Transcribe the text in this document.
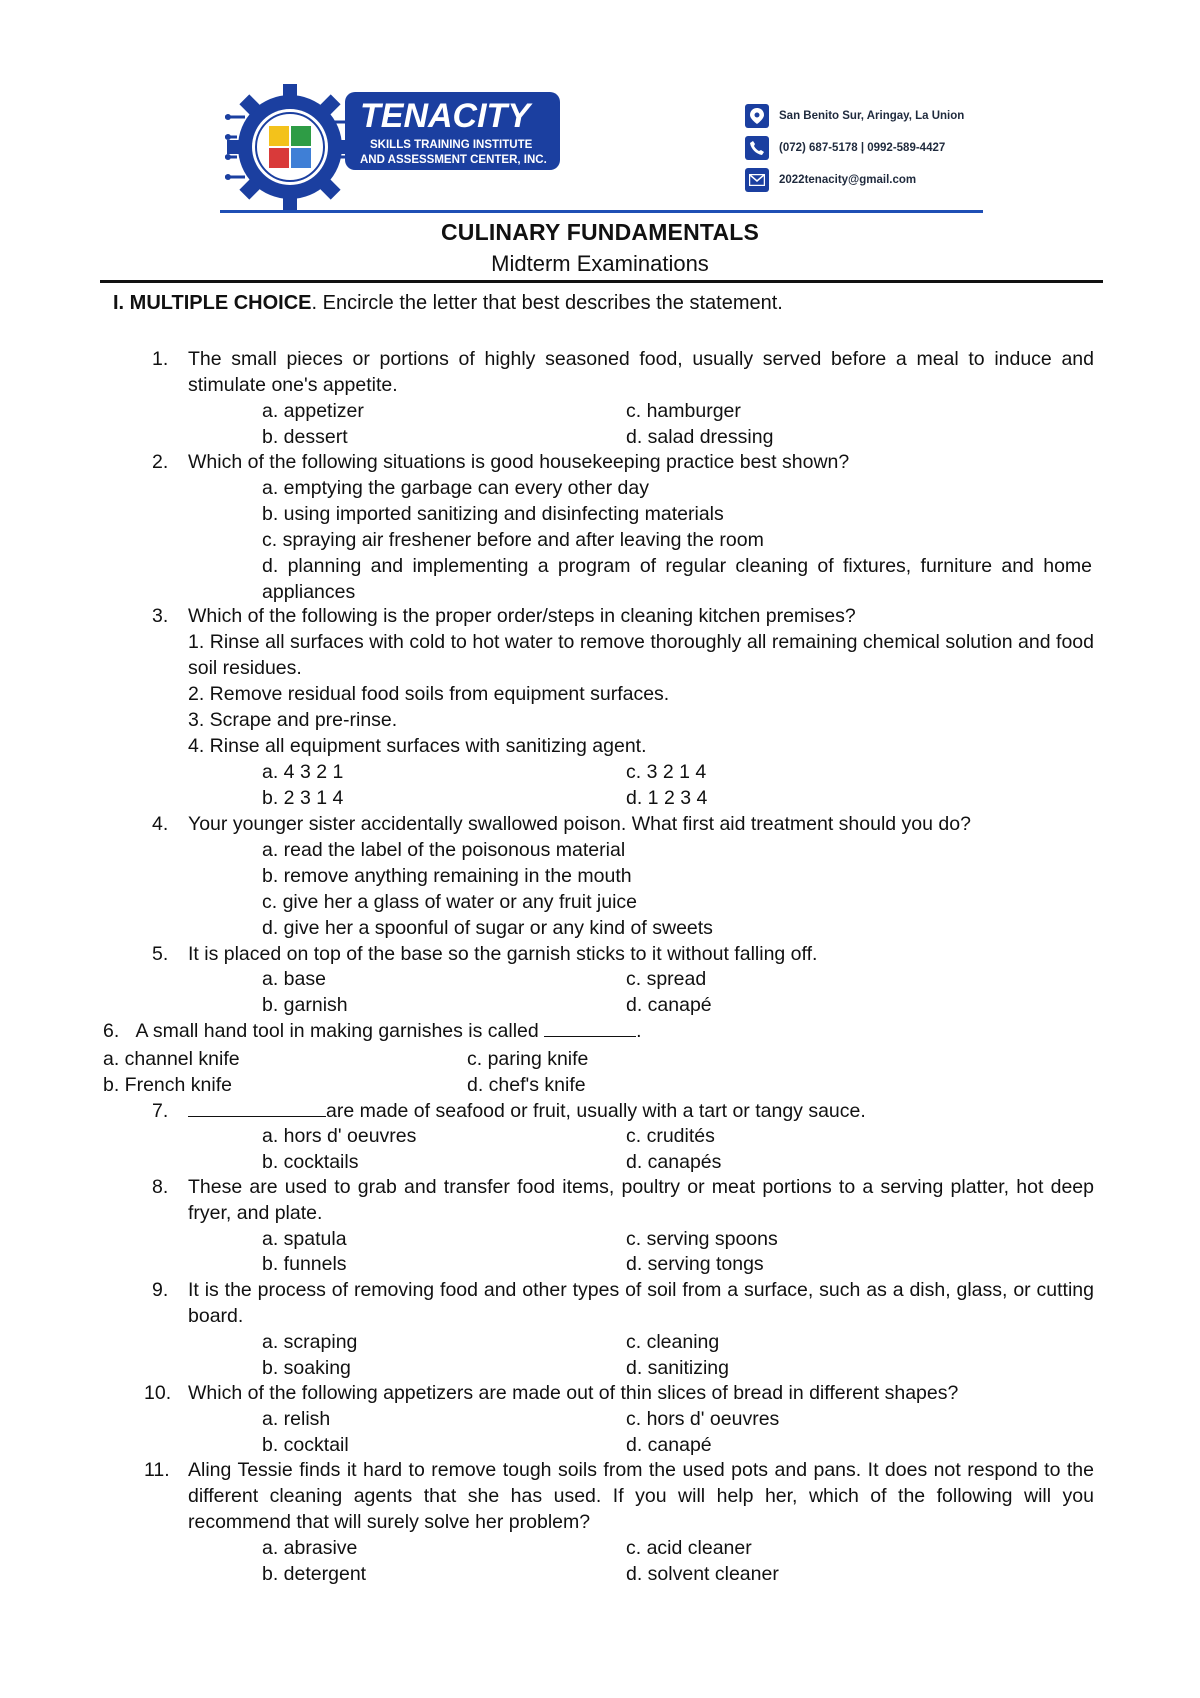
TENACITY
SKILLS TRAINING INSTITUTE
AND ASSESSMENT CENTER, INC.
San Benito Sur, Aringay, La Union
(072) 687-5178 | 0992-589-4427
2022tenacity@gmail.com
CULINARY FUNDAMENTALS
Midterm Examinations
I. MULTIPLE CHOICE. Encircle the letter that best describes the statement.
1. The small pieces or portions of highly seasoned food, usually served before a meal to induce and stimulate one's appetite.
a. appetizer
b. dessert
c. hamburger
d. salad dressing
2. Which of the following situations is good housekeeping practice best shown?
a. emptying the garbage can every other day
b. using imported sanitizing and disinfecting materials
c. spraying air freshener before and after leaving the room
d. planning and implementing a program of regular cleaning of fixtures, furniture and home appliances
3. Which of the following is the proper order/steps in cleaning kitchen premises?
1. Rinse all surfaces with cold to hot water to remove thoroughly all remaining chemical solution and food soil residues.
2. Remove residual food soils from equipment surfaces.
3. Scrape and pre-rinse.
4. Rinse all equipment surfaces with sanitizing agent.
a. 4 3 2 1
b. 2 3 1 4
c. 3 2 1 4
d. 1 2 3 4
4. Your younger sister accidentally swallowed poison. What first aid treatment should you do?
a. read the label of the poisonous material
b. remove anything remaining in the mouth
c. give her a glass of water or any fruit juice
d. give her a spoonful of sugar or any kind of sweets
5. It is placed on top of the base so the garnish sticks to it without falling off.
a. base
b. garnish
c. spread
d. canapé
6. A small hand tool in making garnishes is called	.
a. channel knife
b. French knife
c. paring knife
d. chef's knife
7.	are made of seafood or fruit, usually with a tart or tangy sauce.
a. hors d' oeuvres
b. cocktails
c. crudités
d. canapés
8. These are used to grab and transfer food items, poultry or meat portions to a serving platter, hot deep fryer, and plate.
a. spatula
b. funnels
c. serving spoons
d. serving tongs
9. It is the process of removing food and other types of soil from a surface, such as a dish, glass, or cutting board.
a. scraping
b. soaking
c. cleaning
d. sanitizing
10. Which of the following appetizers are made out of thin slices of bread in different shapes?
a. relish
b. cocktail
c. hors d' oeuvres
d. canapé
11. Aling Tessie finds it hard to remove tough soils from the used pots and pans. It does not respond to the different cleaning agents that she has used. If you will help her, which of the following will you recommend that will surely solve her problem?
a. abrasive
b. detergent
c. acid cleaner
d. solvent cleaner
